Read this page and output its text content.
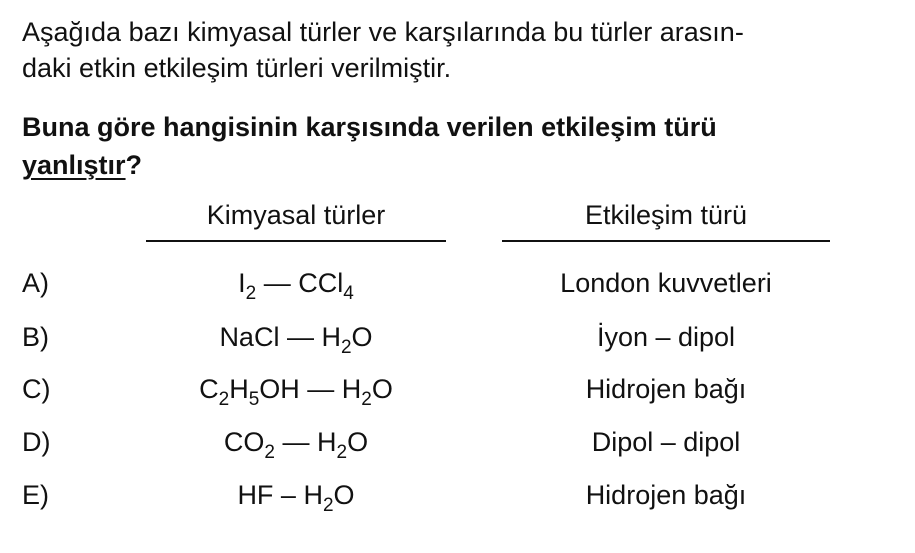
Aşağıda bazı kimyasal türler ve karşılarında bu türler arasın-
daki etkin etkileşim türleri verilmiştir.
Buna göre hangisinin karşısında verilen etkileşim türü
yanlıştır?
Kimyasal türler	Etkileşim türü
A)	$I_2$ — CCl$_4$	London kuvvetleri
B)	NaCl — $H_2O$	İyon – dipol
C)	$C_2H_5OH$ — $H_2O$	Hidrojen bağı
D)	$CO_2$ — $H_2O$	Dipol – dipol
E)	HF – $H_2O$	Hidrojen bağı
